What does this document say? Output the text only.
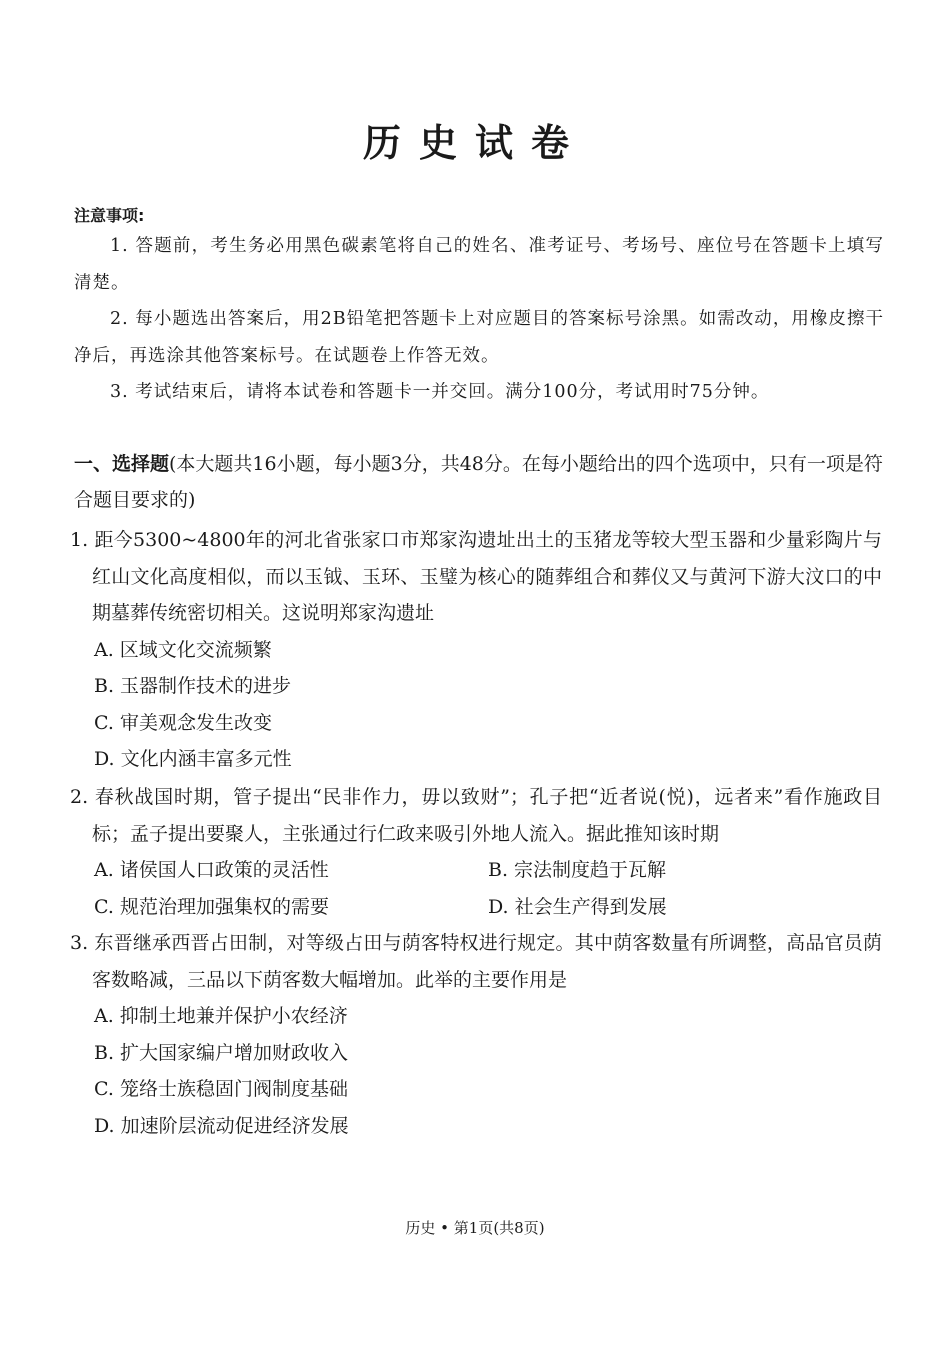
历史试卷
注意事项:

1. 答题前，考生务必用黑色碳素笔将自己的姓名、准考证号、考场号、座位号在答题卡上填写清楚。

2. 每小题选出答案后，用2B铅笔把答题卡上对应题目的答案标号涂黑。如需改动，用橡皮擦干净后，再选涂其他答案标号。在试题卷上作答无效。

3. 考试结束后，请将本试卷和答题卡一并交回。满分100分，考试用时75分钟。

一、选择题(本大题共16小题，每小题3分，共48分。在每小题给出的四个选项中，只有一项是符合题目要求的)

1. 距今5300~4800年的河北省张家口市郑家沟遗址出土的玉猪龙等较大型玉器和少量彩陶片与红山文化高度相似，而以玉钺、玉环、玉璧为核心的随葬组合和葬仪又与黄河下游大汶口的中期墓葬传统密切相关。这说明郑家沟遗址

A. 区域文化交流频繁

B. 玉器制作技术的进步

C. 审美观念发生改变

D. 文化内涵丰富多元性

2. 春秋战国时期，管子提出“民非作力，毋以致财”；孔子把“近者说(悦)，远者来”看作施政目标；孟子提出要聚人，主张通过行仁政来吸引外地人流入。据此推知该时期

A. 诸侯国人口政策的灵活性	B. 宗法制度趋于瓦解
C. 规范治理加强集权的需要	D. 社会生产得到发展

3. 东晋继承西晋占田制，对等级占田与荫客特权进行规定。其中荫客数量有所调整，高品官员荫客数略减，三品以下荫客数大幅增加。此举的主要作用是

A. 抑制土地兼并保护小农经济

B. 扩大国家编户增加财政收入

C. 笼络士族稳固门阀制度基础

D. 加速阶层流动促进经济发展

历史 • 第1页(共8页)
